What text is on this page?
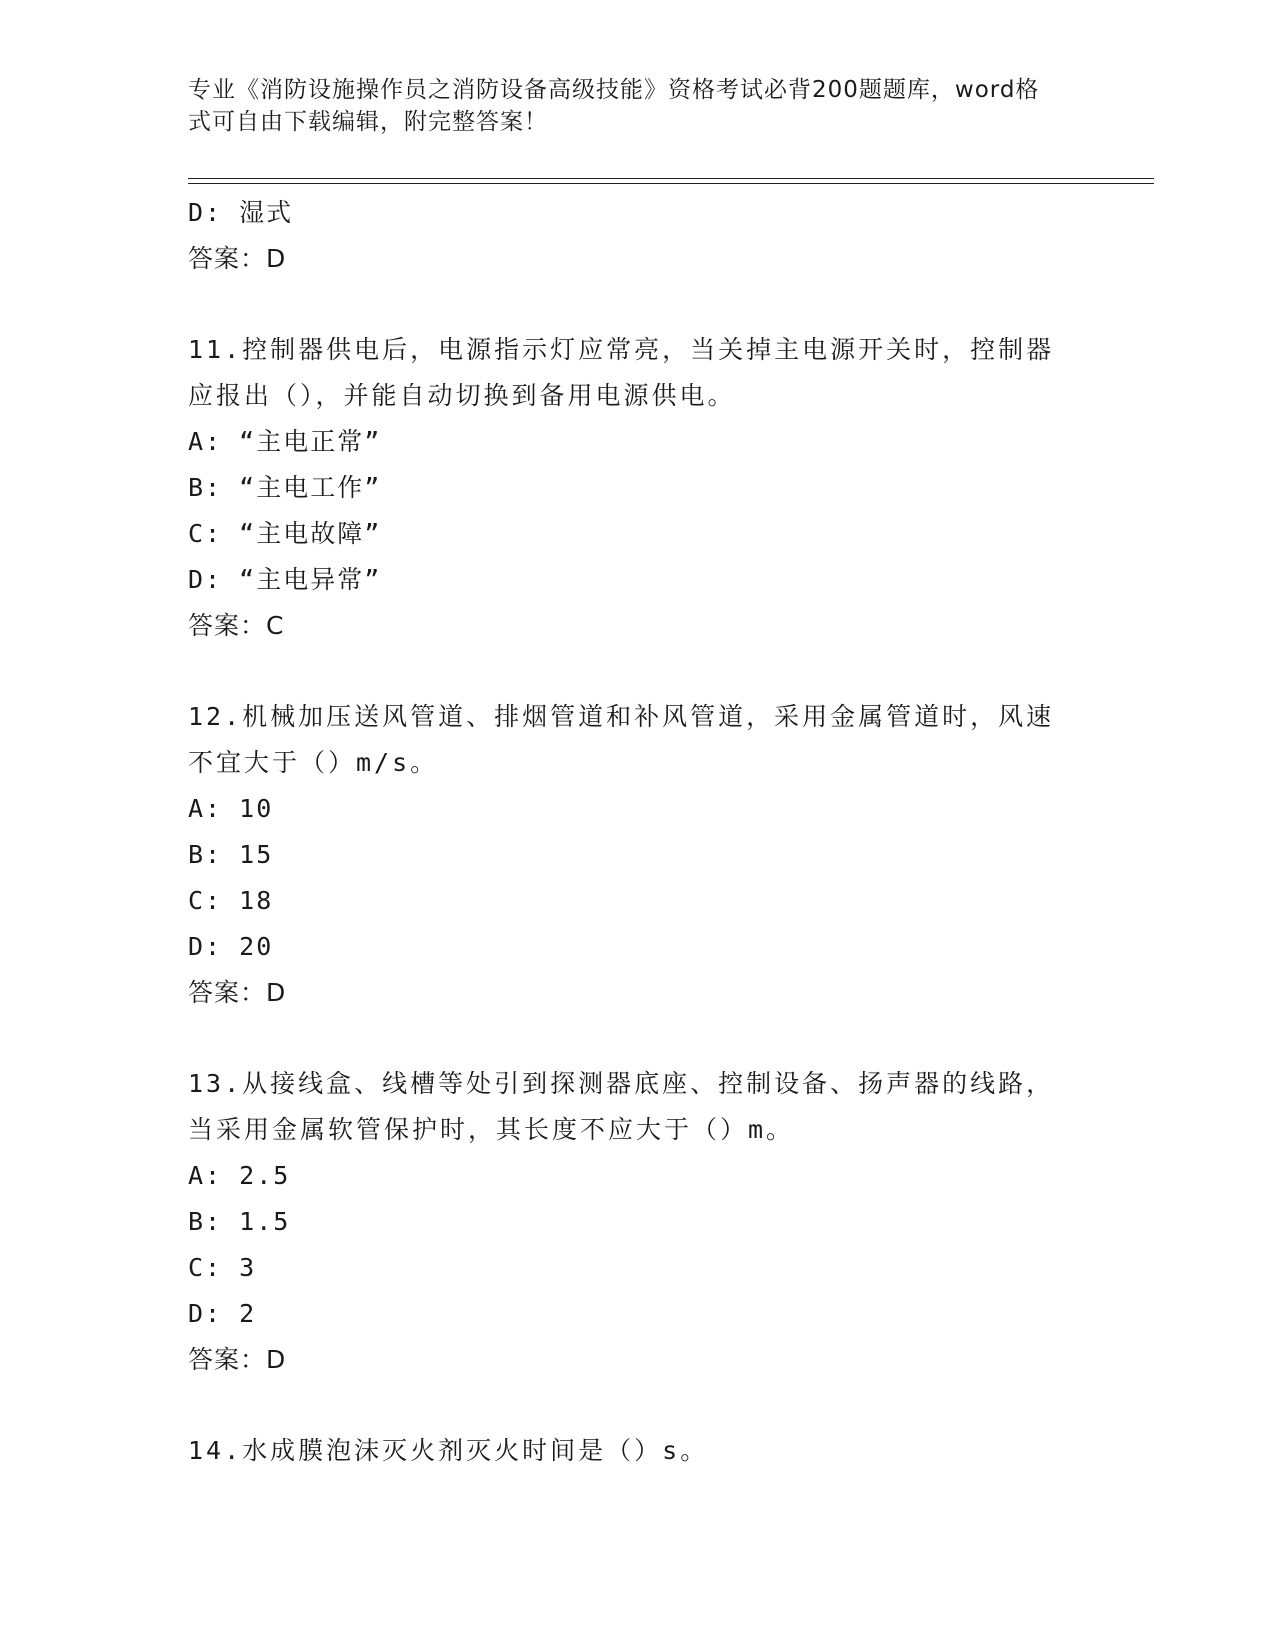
专业《消防设施操作员之消防设备高级技能》资格考试必背200题题库，word格
式可自由下载编辑，附完整答案！
D: 湿式
答案：D
11.控制器供电后，电源指示灯应常亮，当关掉主电源开关时，控制器
应报出（），并能自动切换到备用电源供电。
A: “主电正常”
B: “主电工作”
C: “主电故障”
D: “主电异常”
答案：C
12.机械加压送风管道、排烟管道和补风管道，采用金属管道时，风速
不宜大于（）m/s。
A: 10
B: 15
C: 18
D: 20
答案：D
13.从接线盒、线槽等处引到探测器底座、控制设备、扬声器的线路，
当采用金属软管保护时，其长度不应大于（）m。
A: 2.5
B: 1.5
C: 3
D: 2
答案：D
14.水成膜泡沫灭火剂灭火时间是（）s。
